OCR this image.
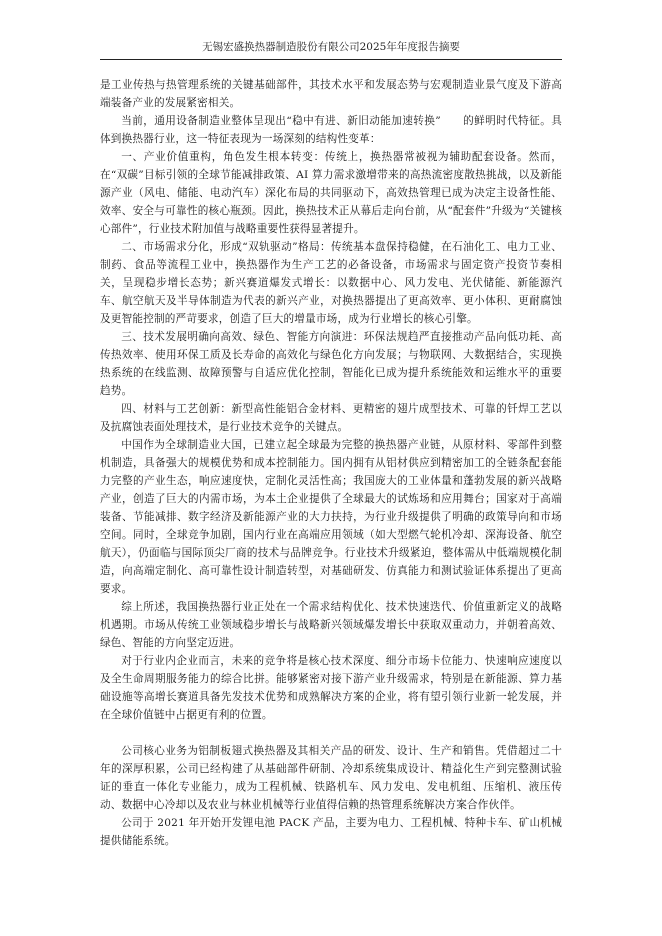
无锡宏盛换热器制造股份有限公司2025年年度报告摘要

是工业传热与热管理系统的关键基础部件，其技术水平和发展态势与宏观制造业景气度及下游高端装备产业的发展紧密相关。

当前，通用设备制造业整体呈现出“稳中有进、新旧动能加速转换”　　的鲜明时代特征。具体到换热器行业，这一特征表现为一场深刻的结构性变革：

一、产业价值重构，角色发生根本转变：传统上，换热器常被视为辅助配套设备。然而，在“双碳”目标引领的全球节能减排政策、AI 算力需求激增带来的高热流密度散热挑战，以及新能源产业（风电、储能、电动汽车）深化布局的共同驱动下，高效热管理已成为决定主设备性能、效率、安全与可靠性的核心瓶颈。因此，换热技术正从幕后走向台前，从“配套件”升级为“关键核心部件”，行业技术附加值与战略重要性获得显著提升。

二、市场需求分化，形成“双轨驱动”格局：传统基本盘保持稳健，在石油化工、电力工业、制药、食品等流程工业中，换热器作为生产工艺的必备设备，市场需求与固定资产投资节奏相关，呈现稳步增长态势；新兴赛道爆发式增长：以数据中心、风力发电、光伏储能、新能源汽车、航空航天及半导体制造为代表的新兴产业，对换热器提出了更高效率、更小体积、更耐腐蚀及更智能控制的严苛要求，创造了巨大的增量市场，成为行业增长的核心引擎。

三、技术发展明确向高效、绿色、智能方向演进：环保法规趋严直接推动产品向低功耗、高传热效率、使用环保工质及长寿命的高效化与绿色化方向发展；与物联网、大数据结合，实现换热系统的在线监测、故障预警与自适应优化控制，智能化已成为提升系统能效和运维水平的重要趋势。

四、材料与工艺创新：新型高性能铝合金材料、更精密的翅片成型技术、可靠的钎焊工艺以及抗腐蚀表面处理技术，是行业技术竞争的关键点。

中国作为全球制造业大国，已建立起全球最为完整的换热器产业链，从原材料、零部件到整机制造，具备强大的规模优势和成本控制能力。国内拥有从铝材供应到精密加工的全链条配套能力完整的产业生态，响应速度快，定制化灵活性高；我国庞大的工业体量和蓬勃发展的新兴战略产业，创造了巨大的内需市场，为本土企业提供了全球最大的试炼场和应用舞台；国家对于高端装备、节能减排、数字经济及新能源产业的大力扶持，为行业升级提供了明确的政策导向和市场空间。同时，全球竞争加剧，国内行业在高端应用领域（如大型燃气轮机冷却、深海设备、航空航天），仍面临与国际顶尖厂商的技术与品牌竞争。行业技术升级紧迫，整体需从中低端规模化制造，向高端定制化、高可靠性设计制造转型，对基础研发、仿真能力和测试验证体系提出了更高要求。

综上所述，我国换热器行业正处在一个需求结构优化、技术快速迭代、价值重新定义的战略机遇期。市场从传统工业领域稳步增长与战略新兴领域爆发增长中获取双重动力，并朝着高效、绿色、智能的方向坚定迈进。

对于行业内企业而言，未来的竞争将是核心技术深度、细分市场卡位能力、快速响应速度以及全生命周期服务能力的综合比拼。能够紧密对接下游产业升级需求，特别是在新能源、算力基础设施等高增长赛道具备先发技术优势和成熟解决方案的企业，将有望引领行业新一轮发展，并在全球价值链中占据更有利的位置。

公司核心业务为铝制板翅式换热器及其相关产品的研发、设计、生产和销售。凭借超过二十年的深厚积累，公司已经构建了从基础部件研制、冷却系统集成设计、精益化生产到完整测试验证的垂直一体化专业能力，成为工程机械、铁路机车、风力发电、发电机组、压缩机、液压传动、数据中心冷却以及农业与林业机械等行业值得信赖的热管理系统解决方案合作伙伴。

公司于 2021 年开始开发锂电池 PACK 产品，主要为电力、工程机械、特种卡车、矿山机械提供储能系统。
